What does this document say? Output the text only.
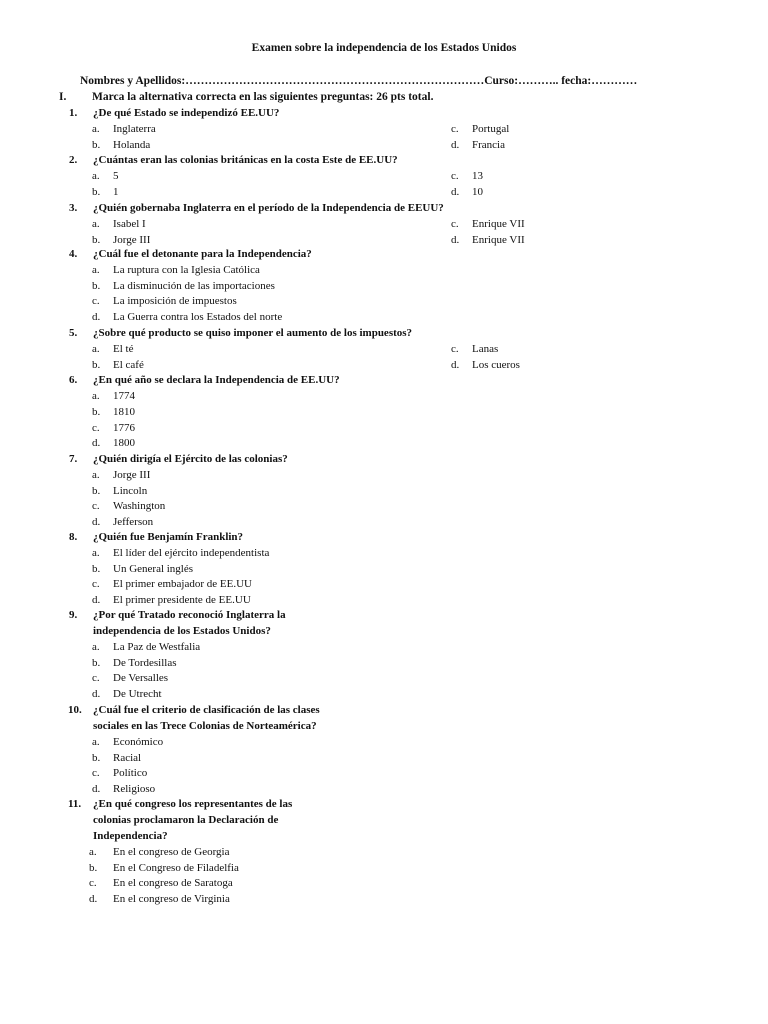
Examen sobre la independencia de los Estados Unidos
Nombres y Apellidos:……………………………………………………………………Curso:……….. fecha:…………
I. Marca la alternativa correcta en las siguientes preguntas: 26 pts total.
1. ¿De qué Estado se independizó EE.UU?
a. Inglaterra
b. Holanda
c. Portugal
d. Francia
2. ¿Cuántas eran las colonias británicas en la costa Este de EE.UU?
a. 5
b. 1
c. 13
d. 10
3. ¿Quién gobernaba Inglaterra en el período de la Independencia de EEUU?
a. Isabel I
b. Jorge III
c. Enrique VII
d. Enrique VII
4. ¿Cuál fue el detonante para la Independencia?
a. La ruptura con la Iglesia Católica
b. La disminución de las importaciones
c. La imposición de impuestos
d. La Guerra contra los Estados del norte
5. ¿Sobre qué producto se quiso imponer el aumento de los impuestos?
a. El té
b. El café
c. Lanas
d. Los cueros
6. ¿En qué año se declara la Independencia de EE.UU?
a. 1774
b. 1810
c. 1776
d. 1800
7. ¿Quién dirigía el Ejército de las colonias?
a. Jorge III
b. Lincoln
c. Washington
d. Jefferson
8. ¿Quién fue Benjamín Franklin?
a. El líder del ejército independentista
b. Un General inglés
c. El primer embajador de EE.UU
d. El primer presidente de EE.UU
9. ¿Por qué Tratado reconoció Inglaterra la
independencia de los Estados Unidos?
a. La Paz de Westfalia
b. De Tordesillas
c. De Versalles
d. De Utrecht
10. ¿Cuál fue el criterio de clasificación de las clases
sociales en las Trece Colonias de Norteamérica?
a. Económico
b. Racial
c. Político
d. Religioso
11. ¿En qué congreso los representantes de las
colonias proclamaron la Declaración de
Independencia?
a. En el congreso de Georgia
b. En el Congreso de Filadelfia
c. En el congreso de Saratoga
d. En el congreso de Virginia
